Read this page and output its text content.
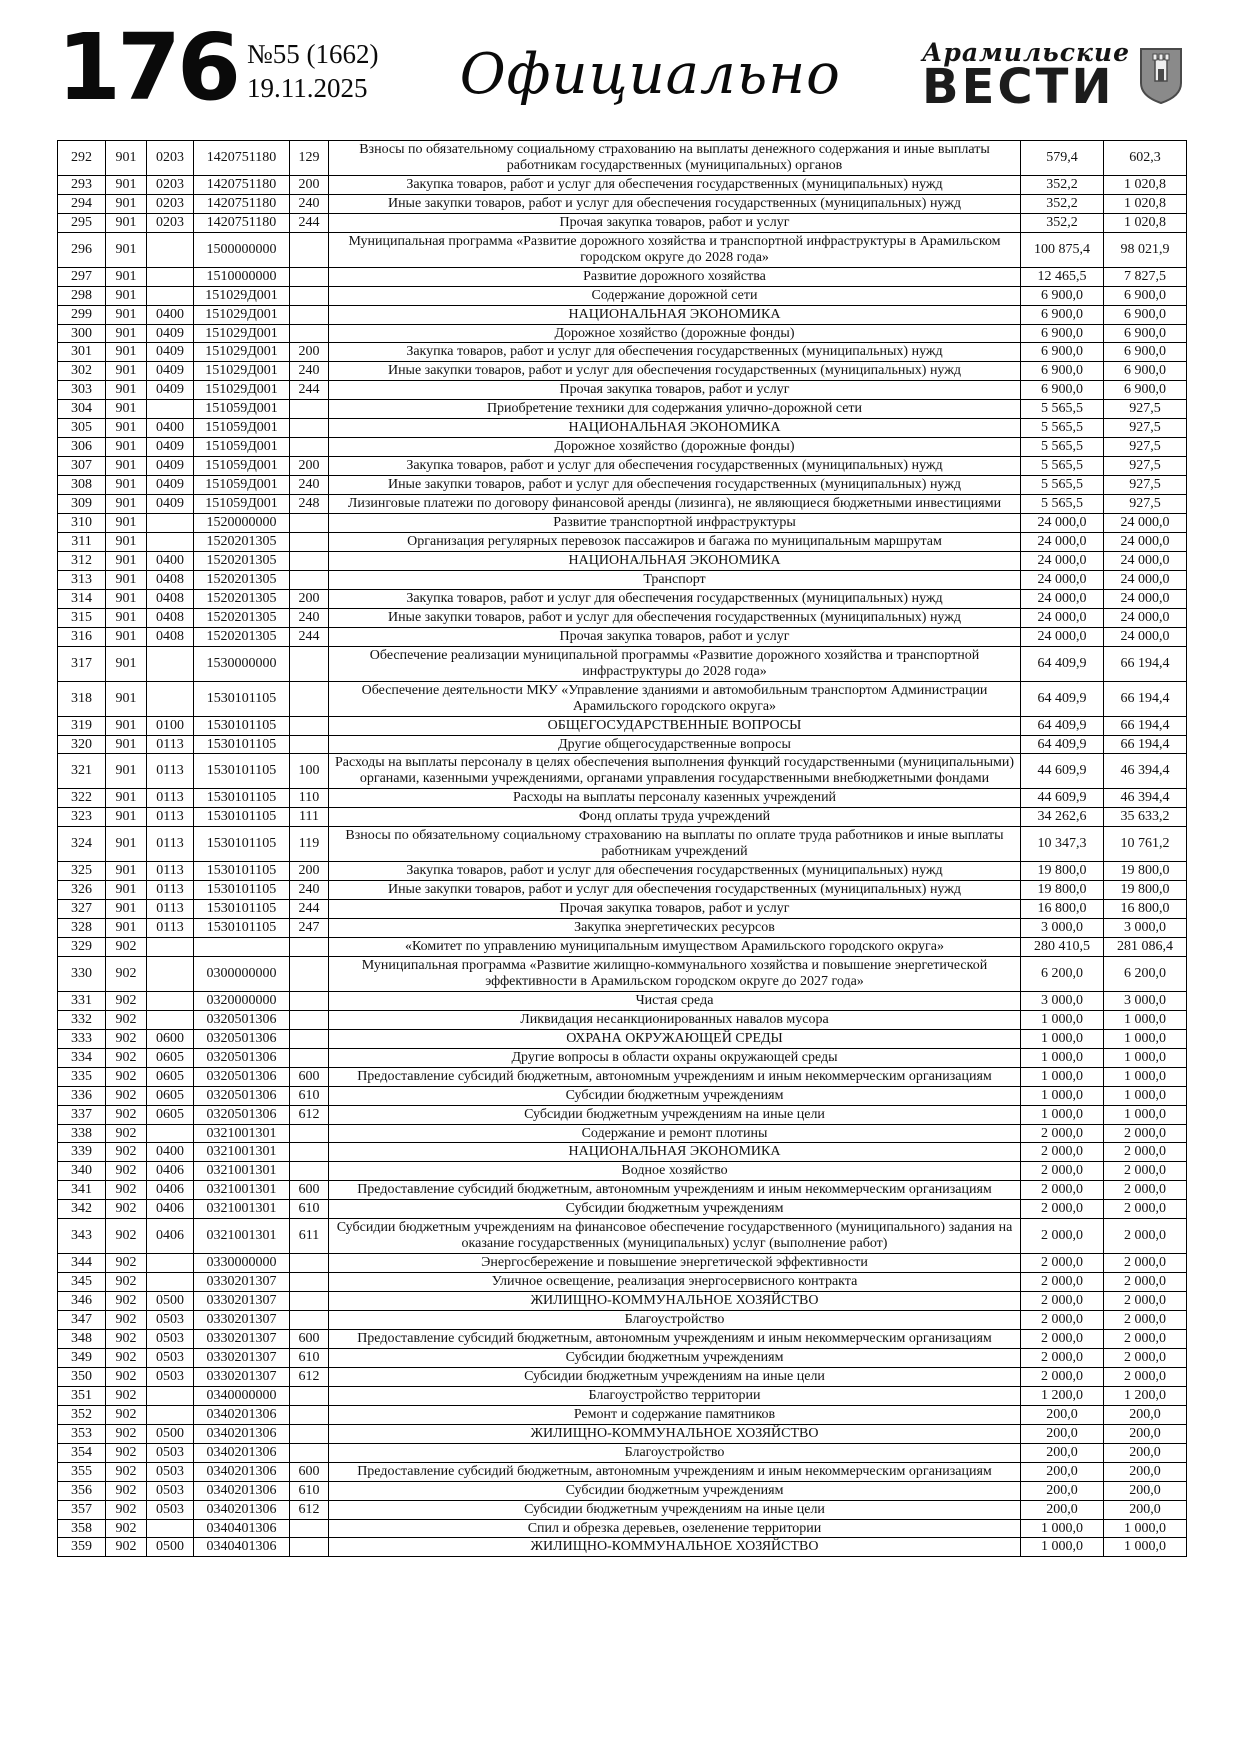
176 №55 (1662)
19.11.2025	Официально	Арамильские
ВЕСТИ
292	901	0203	1420751180	129	Взносы по обязательному социальному страхованию на выплаты денежного содержания и иные выплаты работникам государственных (муниципальных) органов	579,4	602,3
293	901	0203	1420751180	200	Закупка товаров, работ и услуг для обеспечения государственных (муниципальных) нужд	352,2	1 020,8
294	901	0203	1420751180	240	Иные закупки товаров, работ и услуг для обеспечения государственных (муниципальных) нужд	352,2	1 020,8
295	901	0203	1420751180	244	Прочая закупка товаров, работ и услуг	352,2	1 020,8
296	901		1500000000		Муниципальная программа «Развитие дорожного хозяйства и транспортной инфраструктуры в Арамильском городском округе до 2028 года»	100 875,4	98 021,9
297	901		1510000000		Развитие дорожного хозяйства	12 465,5	7 827,5
298	901		151029Д001		Содержание дорожной сети	6 900,0	6 900,0
299	901	0400	151029Д001		НАЦИОНАЛЬНАЯ ЭКОНОМИКА	6 900,0	6 900,0
300	901	0409	151029Д001		Дорожное хозяйство (дорожные фонды)	6 900,0	6 900,0
301	901	0409	151029Д001	200	Закупка товаров, работ и услуг для обеспечения государственных (муниципальных) нужд	6 900,0	6 900,0
302	901	0409	151029Д001	240	Иные закупки товаров, работ и услуг для обеспечения государственных (муниципальных) нужд	6 900,0	6 900,0
303	901	0409	151029Д001	244	Прочая закупка товаров, работ и услуг	6 900,0	6 900,0
304	901		151059Д001		Приобретение техники для содержания улично-дорожной сети	5 565,5	927,5
305	901	0400	151059Д001		НАЦИОНАЛЬНАЯ ЭКОНОМИКА	5 565,5	927,5
306	901	0409	151059Д001		Дорожное хозяйство (дорожные фонды)	5 565,5	927,5
307	901	0409	151059Д001	200	Закупка товаров, работ и услуг для обеспечения государственных (муниципальных) нужд	5 565,5	927,5
308	901	0409	151059Д001	240	Иные закупки товаров, работ и услуг для обеспечения государственных (муниципальных) нужд	5 565,5	927,5
309	901	0409	151059Д001	248	Лизинговые платежи по договору финансовой аренды (лизинга), не являющиеся бюджетными инвестициями	5 565,5	927,5
310	901		1520000000		Развитие транспортной инфраструктуры	24 000,0	24 000,0
311	901		1520201305		Организация регулярных перевозок пассажиров и багажа по муниципальным маршрутам	24 000,0	24 000,0
312	901	0400	1520201305		НАЦИОНАЛЬНАЯ ЭКОНОМИКА	24 000,0	24 000,0
313	901	0408	1520201305		Транспорт	24 000,0	24 000,0
314	901	0408	1520201305	200	Закупка товаров, работ и услуг для обеспечения государственных (муниципальных) нужд	24 000,0	24 000,0
315	901	0408	1520201305	240	Иные закупки товаров, работ и услуг для обеспечения государственных (муниципальных) нужд	24 000,0	24 000,0
316	901	0408	1520201305	244	Прочая закупка товаров, работ и услуг	24 000,0	24 000,0
317	901		1530000000		Обеспечение реализации муниципальной программы «Развитие дорожного хозяйства и транспортной инфраструктуры до 2028 года»	64 409,9	66 194,4
318	901		1530101105		Обеспечение деятельности МКУ «Управление зданиями и автомобильным транспортом Администрации Арамильского городского округа»	64 409,9	66 194,4
319	901	0100	1530101105		ОБЩЕГОСУДАРСТВЕННЫЕ ВОПРОСЫ	64 409,9	66 194,4
320	901	0113	1530101105		Другие общегосударственные вопросы	64 409,9	66 194,4
321	901	0113	1530101105	100	Расходы на выплаты персоналу в целях обеспечения выполнения функций государственными (муниципальными) органами, казенными учреждениями, органами управления государственными внебюджетными фондами	44 609,9	46 394,4
322	901	0113	1530101105	110	Расходы на выплаты персоналу казенных учреждений	44 609,9	46 394,4
323	901	0113	1530101105	111	Фонд оплаты труда учреждений	34 262,6	35 633,2
324	901	0113	1530101105	119	Взносы по обязательному социальному страхованию на выплаты по оплате труда работников и иные выплаты работникам учреждений	10 347,3	10 761,2
325	901	0113	1530101105	200	Закупка товаров, работ и услуг для обеспечения государственных (муниципальных) нужд	19 800,0	19 800,0
326	901	0113	1530101105	240	Иные закупки товаров, работ и услуг для обеспечения государственных (муниципальных) нужд	19 800,0	19 800,0
327	901	0113	1530101105	244	Прочая закупка товаров, работ и услуг	16 800,0	16 800,0
328	901	0113	1530101105	247	Закупка энергетических ресурсов	3 000,0	3 000,0
329	902				«Комитет по управлению муниципальным имуществом Арамильского городского округа»	280 410,5	281 086,4
330	902		0300000000		Муниципальная программа «Развитие жилищно-коммунального хозяйства и повышение энергетической эффективности в Арамильском городском округе до 2027 года»	6 200,0	6 200,0
331	902		0320000000		Чистая среда	3 000,0	3 000,0
332	902		0320501306		Ликвидация несанкционированных навалов мусора	1 000,0	1 000,0
333	902	0600	0320501306		ОХРАНА ОКРУЖАЮЩЕЙ СРЕДЫ	1 000,0	1 000,0
334	902	0605	0320501306		Другие вопросы в области охраны окружающей среды	1 000,0	1 000,0
335	902	0605	0320501306	600	Предоставление субсидий бюджетным, автономным учреждениям и иным некоммерческим организациям	1 000,0	1 000,0
336	902	0605	0320501306	610	Субсидии бюджетным учреждениям	1 000,0	1 000,0
337	902	0605	0320501306	612	Субсидии бюджетным учреждениям на иные цели	1 000,0	1 000,0
338	902		0321001301		Содержание и ремонт плотины	2 000,0	2 000,0
339	902	0400	0321001301		НАЦИОНАЛЬНАЯ ЭКОНОМИКА	2 000,0	2 000,0
340	902	0406	0321001301		Водное хозяйство	2 000,0	2 000,0
341	902	0406	0321001301	600	Предоставление субсидий бюджетным, автономным учреждениям и иным некоммерческим организациям	2 000,0	2 000,0
342	902	0406	0321001301	610	Субсидии бюджетным учреждениям	2 000,0	2 000,0
343	902	0406	0321001301	611	Субсидии бюджетным учреждениям на финансовое обеспечение государственного (муниципального) задания на оказание государственных (муниципальных) услуг (выполнение работ)	2 000,0	2 000,0
344	902		0330000000		Энергосбережение и повышение энергетической эффективности	2 000,0	2 000,0
345	902		0330201307		Уличное освещение, реализация энергосервисного контракта	2 000,0	2 000,0
346	902	0500	0330201307		ЖИЛИЩНО-КОММУНАЛЬНОЕ ХОЗЯЙСТВО	2 000,0	2 000,0
347	902	0503	0330201307		Благоустройство	2 000,0	2 000,0
348	902	0503	0330201307	600	Предоставление субсидий бюджетным, автономным учреждениям и иным некоммерческим организациям	2 000,0	2 000,0
349	902	0503	0330201307	610	Субсидии бюджетным учреждениям	2 000,0	2 000,0
350	902	0503	0330201307	612	Субсидии бюджетным учреждениям на иные цели	2 000,0	2 000,0
351	902		0340000000		Благоустройство территории	1 200,0	1 200,0
352	902		0340201306		Ремонт и содержание памятников	200,0	200,0
353	902	0500	0340201306		ЖИЛИЩНО-КОММУНАЛЬНОЕ ХОЗЯЙСТВО	200,0	200,0
354	902	0503	0340201306		Благоустройство	200,0	200,0
355	902	0503	0340201306	600	Предоставление субсидий бюджетным, автономным учреждениям и иным некоммерческим организациям	200,0	200,0
356	902	0503	0340201306	610	Субсидии бюджетным учреждениям	200,0	200,0
357	902	0503	0340201306	612	Субсидии бюджетным учреждениям на иные цели	200,0	200,0
358	902		0340401306		Спил и обрезка деревьев, озеленение территории	1 000,0	1 000,0
359	902	0500	0340401306		ЖИЛИЩНО-КОММУНАЛЬНОЕ ХОЗЯЙСТВО	1 000,0	1 000,0
